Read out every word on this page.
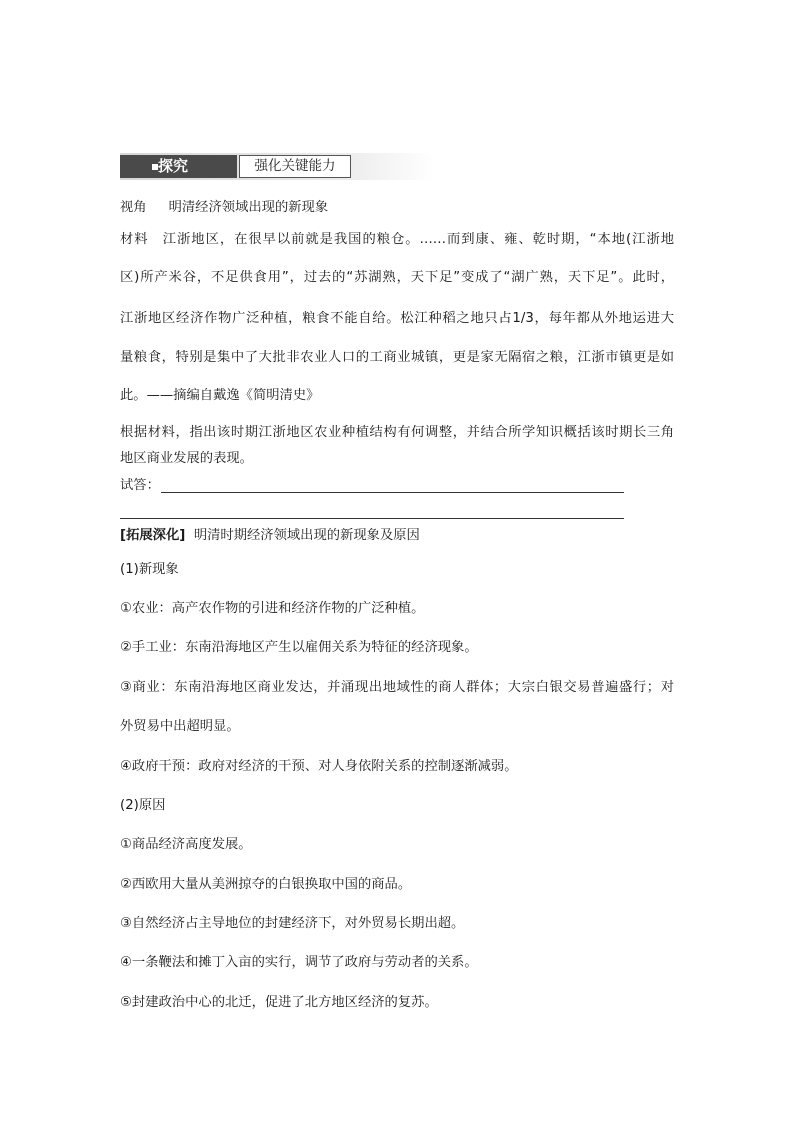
探究	强化关键能力
视角 明清经济领域出现的新现象
材料　江浙地区，在很早以前就是我国的粮仓。……而到康、雍、乾时期，“本地(江浙地
区)所产米谷，不足供食用”，过去的“苏湖熟，天下足”变成了“湖广熟，天下足”。此时，
江浙地区经济作物广泛种植，粮食不能自给。松江种稻之地只占1/3，每年都从外地运进大
量粮食，特别是集中了大批非农业人口的工商业城镇，更是家无隔宿之粮，江浙市镇更是如
此。——摘编自戴逸《简明清史》
根据材料，指出该时期江浙地区农业种植结构有何调整，并结合所学知识概括该时期长三角
地区商业发展的表现。
试答：
[拓展深化] 明清时期经济领域出现的新现象及原因
(1)新现象
①农业：高产农作物的引进和经济作物的广泛种植。
②手工业：东南沿海地区产生以雇佣关系为特征的经济现象。
③商业：东南沿海地区商业发达，并涌现出地域性的商人群体；大宗白银交易普遍盛行；对
外贸易中出超明显。
④政府干预：政府对经济的干预、对人身依附关系的控制逐渐减弱。
(2)原因
①商品经济高度发展。
②西欧用大量从美洲掠夺的白银换取中国的商品。
③自然经济占主导地位的封建经济下，对外贸易长期出超。
④一条鞭法和摊丁入亩的实行，调节了政府与劳动者的关系。
⑤封建政治中心的北迁，促进了北方地区经济的复苏。
